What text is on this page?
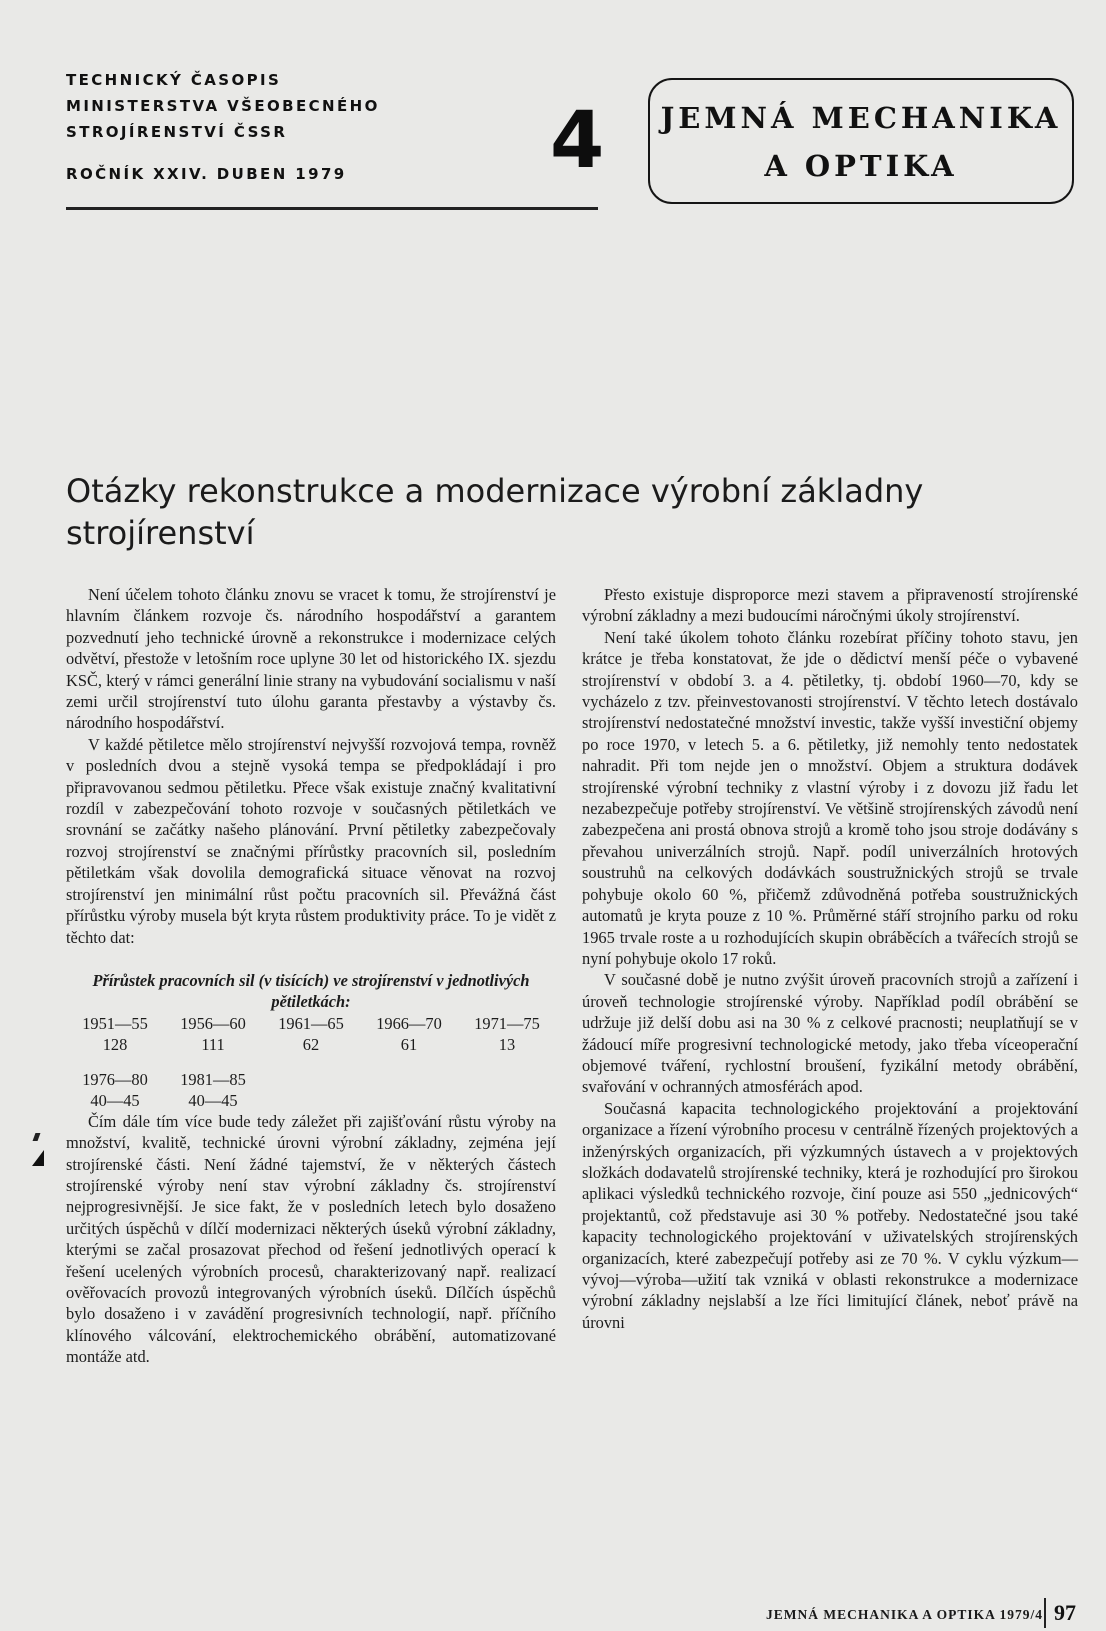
TECHNICKÝ ČASOPIS
MINISTERSTVA VŠEOBECNÉHO
STROJÍRENSTVÍ ČSSR
ROČNÍK XXIV. DUBEN 1979	4	JEMNÁ MECHANIKA
A OPTIKA
Otázky rekonstrukce a modernizace výrobní základny strojírenství

Není účelem tohoto článku znovu se vracet k tomu, že strojírenství je hlavním článkem rozvoje čs. národního hospodářství a garantem pozvednutí jeho technické úrovně a rekonstrukce i modernizace celých odvětví, přestože v letošním roce uplyne 30 let od historického IX. sjezdu KSČ, který v rámci generální linie strany na vybudování socialismu v naší zemi určil strojírenství tuto úlohu garanta přestavby a výstavby čs. národního hospodářství.

V každé pětiletce mělo strojírenství nejvyšší rozvojová tempa, rovněž v posledních dvou a stejně vysoká tempa se předpokládají i pro připravovanou sedmou pětiletku. Přece však existuje značný kvalitativní rozdíl v zabezpečování tohoto rozvoje v současných pětiletkách ve srovnání se začátky našeho plánování. První pětiletky zabezpečovaly rozvoj strojírenství se značnými přírůstky pracovních sil, posledním pětiletkám však dovolila demografická situace věnovat na rozvoj strojírenství jen minimální růst počtu pracovních sil. Převážná část přírůstku výroby musela být kryta růstem produktivity práce. To je vidět z těchto dat:

Přírůstek pracovních sil (v tisících) ve strojírenství v jednotlivých pětiletkách:

1951—55	1956—60	1961—65	1966—70	1971—75
128	111	62	61	13
1976—80	1981—85
40—45	40—45

Čím dále tím více bude tedy záležet při zajišťování růstu výroby na množství, kvalitě, technické úrovni výrobní základny, zejména její strojírenské části. Není žádné tajemství, že v některých částech strojírenské výroby není stav výrobní základny čs. strojírenství nejprogresivnější. Je sice fakt, že v posledních letech bylo dosaženo určitých úspěchů v dílčí modernizaci některých úseků výrobní základny, kterými se začal prosazovat přechod od řešení jednotlivých operací k řešení ucelených výrobních procesů, charakterizovaný např. realizací ověřovacích provozů integrovaných výrobních úseků. Dílčích úspěchů bylo dosaženo i v zavádění progresivních technologií, např. příčního klínového válcování, elektrochemického obrábění, automatizované montáže atd.

Přesto existuje disproporce mezi stavem a připraveností strojírenské výrobní základny a mezi budoucími náročnými úkoly strojírenství.

Není také úkolem tohoto článku rozebírat příčiny tohoto stavu, jen krátce je třeba konstatovat, že jde o dědictví menší péče o vybavené strojírenství v období 3. a 4. pětiletky, tj. období 1960—70, kdy se vycházelo z tzv. přeinvestovanosti strojírenství. V těchto letech dostávalo strojírenství nedostatečné množství investic, takže vyšší investiční objemy po roce 1970, v letech 5. a 6. pětiletky, již nemohly tento nedostatek nahradit. Při tom nejde jen o množství. Objem a struktura dodávek strojírenské výrobní techniky z vlastní výroby i z dovozu již řadu let nezabezpečuje potřeby strojírenství. Ve většině strojírenských závodů není zabezpečena ani prostá obnova strojů a kromě toho jsou stroje dodávány s převahou univerzálních strojů. Např. podíl univerzálních hrotových soustruhů na celkových dodávkách soustružnických strojů se trvale pohybuje okolo 60 %, přičemž zdůvodněná potřeba soustružnických automatů je kryta pouze z 10 %. Průměrné stáří strojního parku od roku 1965 trvale roste a u rozhodujících skupin obráběcích a tvářecích strojů se nyní pohybuje okolo 17 roků.

V současné době je nutno zvýšit úroveň pracovních strojů a zařízení i úroveň technologie strojírenské výroby. Například podíl obrábění se udržuje již delší dobu asi na 30 % z celkové pracnosti; neuplatňují se v žádoucí míře progresivní technologické metody, jako třeba víceoperační objemové tváření, rychlostní broušení, fyzikální metody obrábění, svařování v ochranných atmosférách apod.

Současná kapacita technologického projektování a projektování organizace a řízení výrobního procesu v centrálně řízených projektových a inženýrských organizacích, při výzkumných ústavech a v projektových složkách dodavatelů strojírenské techniky, která je rozhodující pro širokou aplikaci výsledků technického rozvoje, činí pouze asi 550 „jednicových“ projektantů, což představuje asi 30 % potřeby. Nedostatečné jsou také kapacity technologického projektování v uživatelských strojírenských organizacích, které zabezpečují potřeby asi ze 70 %. V cyklu výzkum—vývoj—výroba—užití tak vzniká v oblasti rekonstrukce a modernizace výrobní základny nejslabší a lze říci limitující článek, neboť právě na úrovni

JEMNÁ MECHANIKA A OPTIKA 1979/4 97
